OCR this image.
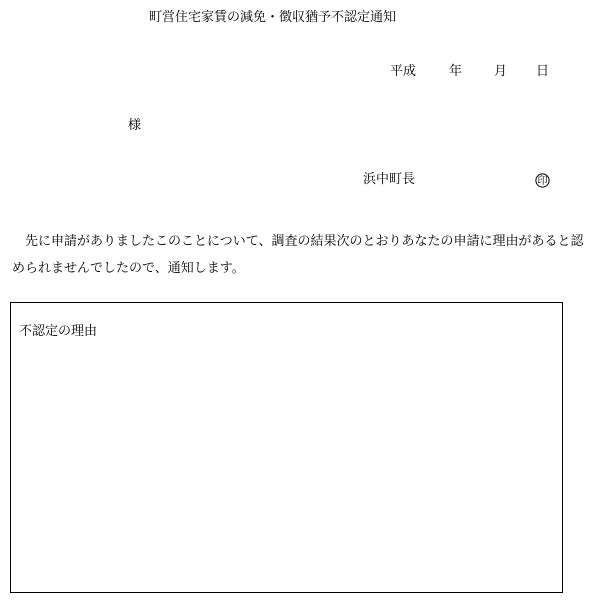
町営住宅家賃の減免・徴収猶予不認定通知
平成	年 月 日
様
浜中町長	印
先に申請がありましたこのことについて、調査の結果次のとおりあなたの申請に理由があると認められませんでしたので、通知します。
不認定の理由
